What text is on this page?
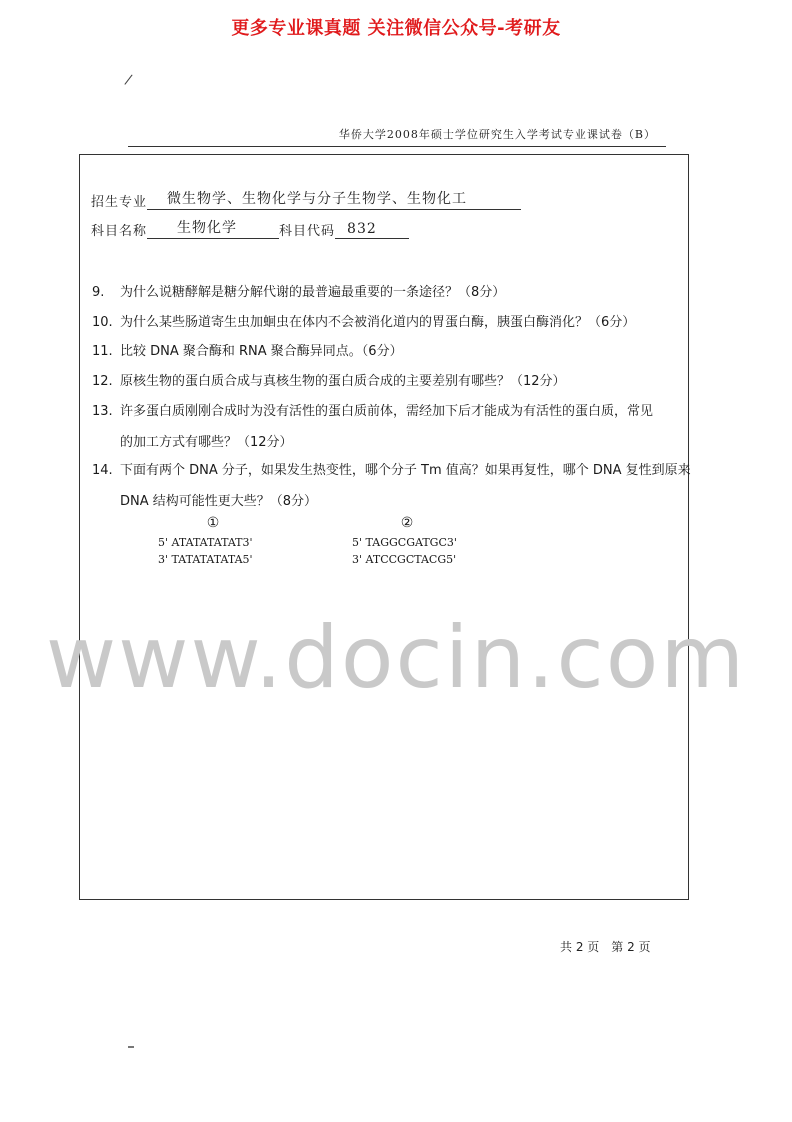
更多专业课真题 关注微信公众号-考研友
/
华侨大学2008年硕士学位研究生入学考试专业课试卷（B）
招生专业	微生物学、生物化学与分子生物学、生物化工
科目名称	生物化学	科目代码 832
9. 为什么说糖酵解是糖分解代谢的最普遍最重要的一条途径？（8分）
10. 为什么某些肠道寄生虫加蛔虫在体内不会被消化道内的胃蛋白酶，胰蛋白酶消化？（6分）
11. 比较 DNA 聚合酶和 RNA 聚合酶异同点。（6分）
12. 原核生物的蛋白质合成与真核生物的蛋白质合成的主要差别有哪些？（12分）
13. 许多蛋白质刚刚合成时为没有活性的蛋白质前体，需经加下后才能成为有活性的蛋白质，常见
的加工方式有哪些？（12分）
14. 下面有两个 DNA 分子，如果发生热变性，哪个分子 Tm 值高？如果再复性，哪个 DNA 复性到原来
DNA 结构可能性更大些？（8分）
①
5' ATATATATAT3'
3' TATATATATA5'
②
5' TAGGCGATGC3'
3' ATCCGCTACG5'
www.docin.com
共 2 页　第 2 页
